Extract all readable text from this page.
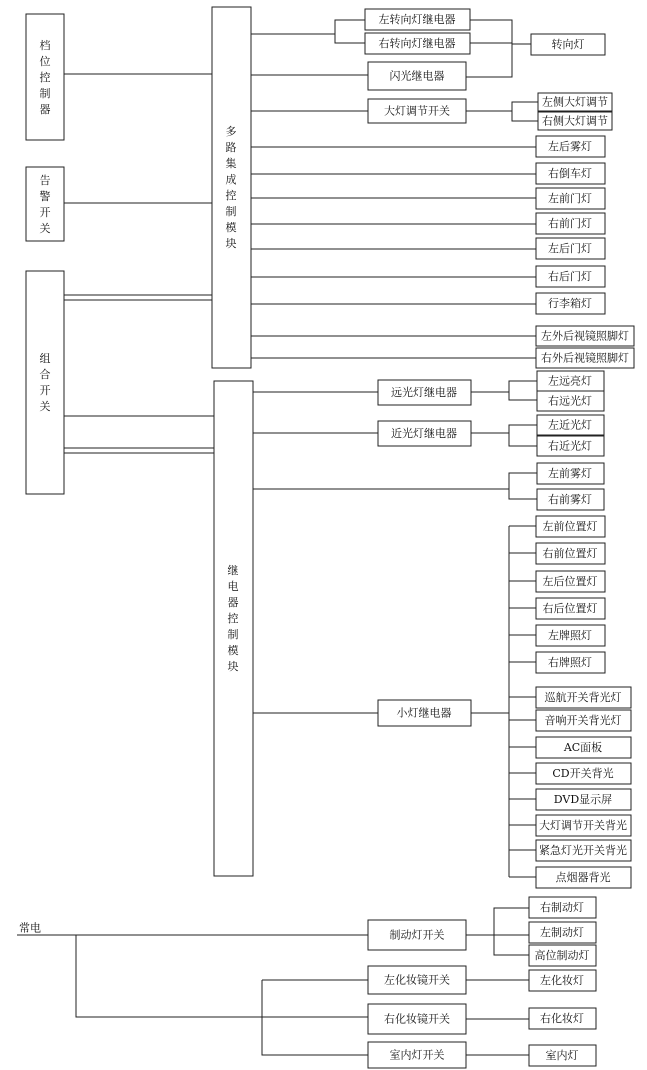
档位控制器
告警开关
组合开关
常电
多路集成控制模块
继电器控制模块
左转向灯继电器
右转向灯继电器
闪光继电器
大灯调节开关
远光灯继电器
近光灯继电器
小灯继电器
制动灯开关
左化妆镜开关
右化妆镜开关
室内灯开关
转向灯
左侧大灯调节
右侧大灯调节
左后雾灯
右倒车灯
左前门灯
右前门灯
左后门灯
右后门灯
行李箱灯
左外后视镜照脚灯
右外后视镜照脚灯
左远亮灯
右远光灯
左近光灯
右近光灯
左前雾灯
右前雾灯
左前位置灯
右前位置灯
左后位置灯
右后位置灯
左牌照灯
右牌照灯
巡航开关背光灯
音响开关背光灯
AC面板
CD开关背光
DVD显示屏
大灯调节开关背光
紧急灯光开关背光
点烟器背光
右制动灯
左制动灯
高位制动灯
左化妆灯
右化妆灯
室内灯
